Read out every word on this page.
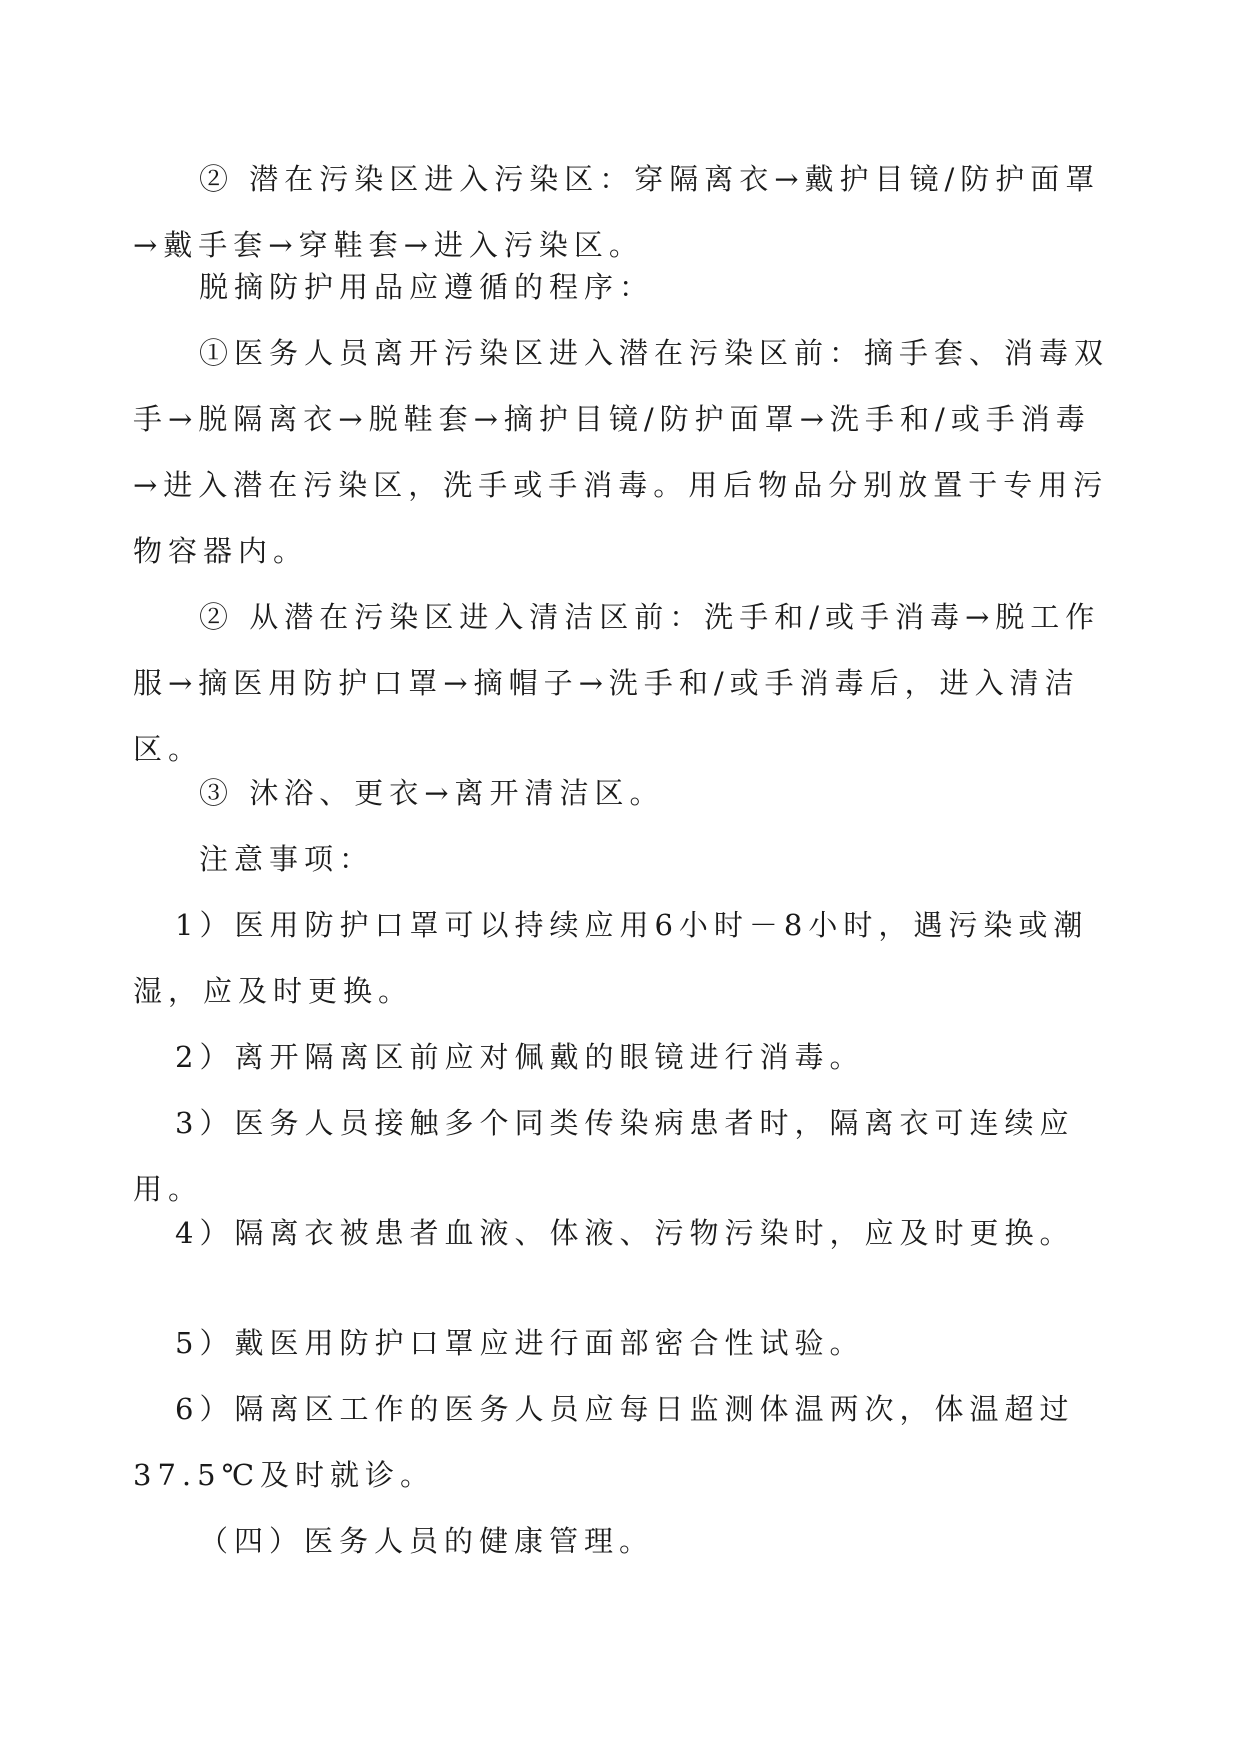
② 潜在污染区进入污染区：穿隔离衣→戴护目镜/防护面罩→戴手套→穿鞋套→进入污染区。

脱摘防护用品应遵循的程序：

①医务人员离开污染区进入潜在污染区前：摘手套、消毒双手→脱隔离衣→脱鞋套→摘护目镜/防护面罩→洗手和/或手消毒→进入潜在污染区，洗手或手消毒。用后物品分别放置于专用污物容器内。

② 从潜在污染区进入清洁区前：洗手和/或手消毒→脱工作服→摘医用防护口罩→摘帽子→洗手和/或手消毒后，进入清洁区。

③ 沐浴、更衣→离开清洁区。

注意事项：

1）医用防护口罩可以持续应用6小时－8小时，遇污染或潮湿，应及时更换。

2）离开隔离区前应对佩戴的眼镜进行消毒。

3）医务人员接触多个同类传染病患者时，隔离衣可连续应用。

4）隔离衣被患者血液、体液、污物污染时，应及时更换。

5）戴医用防护口罩应进行面部密合性试验。

6）隔离区工作的医务人员应每日监测体温两次，体温超过37.5℃及时就诊。

（四）医务人员的健康管理。
